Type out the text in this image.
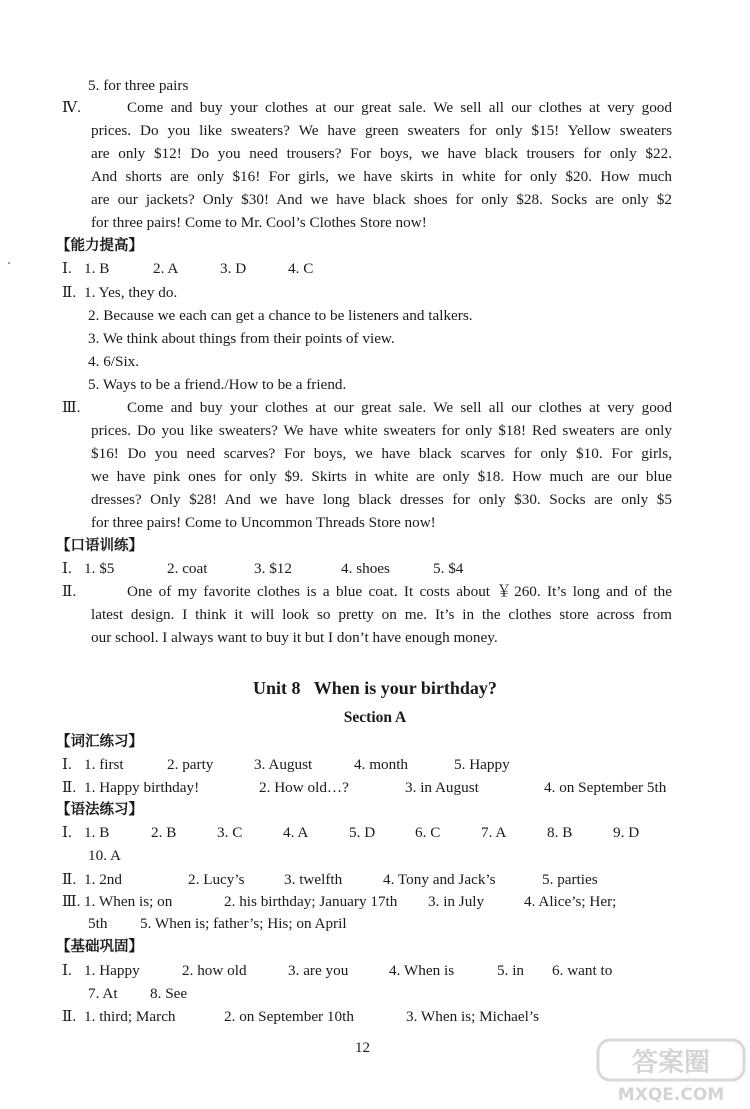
5. for three pairs
Ⅳ.	Come and buy your clothes at our great sale. We sell all our clothes at very good
prices. Do you like sweaters? We have green sweaters for only $15! Yellow sweaters
are only $12! Do you need trousers? For boys, we have black trousers for only $22.
And shorts are only $16! For girls, we have skirts in white for only $20. How much
are our jackets? Only $30! And we have black shoes for only $28. Socks are only $2
for three pairs! Come to Mr. Cool’s Clothes Store now!
【能力提高】
Ⅰ. 1. B	2. A	3. D	4. C
Ⅱ. 1. Yes, they do.
2. Because we each can get a chance to be listeners and talkers.
3. We think about things from their points of view.
4. 6/Six.
5. Ways to be a friend./How to be a friend.
Ⅲ.	Come and buy your clothes at our great sale. We sell all our clothes at very good
prices. Do you like sweaters? We have white sweaters for only $18! Red sweaters are only
$16! Do you need scarves? For boys, we have black scarves for only $10. For girls,
we have pink ones for only $9. Skirts in white are only $18. How much are our blue
dresses? Only $28! And we have long black dresses for only $30. Socks are only $5
for three pairs! Come to Uncommon Threads Store now!
【口语训练】
Ⅰ. 1. $5	2. coat	3. $12	4. shoes	5. $4
Ⅱ.	One of my favorite clothes is a blue coat. It costs about ￥260. It’s long and of the
latest design. I think it will look so pretty on me. It’s in the clothes store across from
our school. I always want to buy it but I don’t have enough money.
Unit 8   When is your birthday?
Section A
【词汇练习】
Ⅰ. 1. first	2. party	3. August	4. month	5. Happy
Ⅱ. 1. Happy birthday!	2. How old…?	3. in August	4. on September 5th
【语法练习】
Ⅰ. 1. B	2. B	3. C	4. A	5. D	6. C	7. A	8. B	9. D
10. A
Ⅱ. 1. 2nd	2. Lucy’s	3. twelfth	4. Tony and Jack’s	5. parties
Ⅲ. 1. When is; on	2. his birthday; January 17th 3. in July	4. Alice’s; Her;
5th 5. When is; father’s; His; on April
【基础巩固】
Ⅰ. 1. Happy	2. how old	3. are you	4. When is	5. in 6. want to
7. At 8. See
Ⅱ. 1. third; March	2. on September 10th	3. When is; Michael’s
12	答案圈
MXQE.COM
